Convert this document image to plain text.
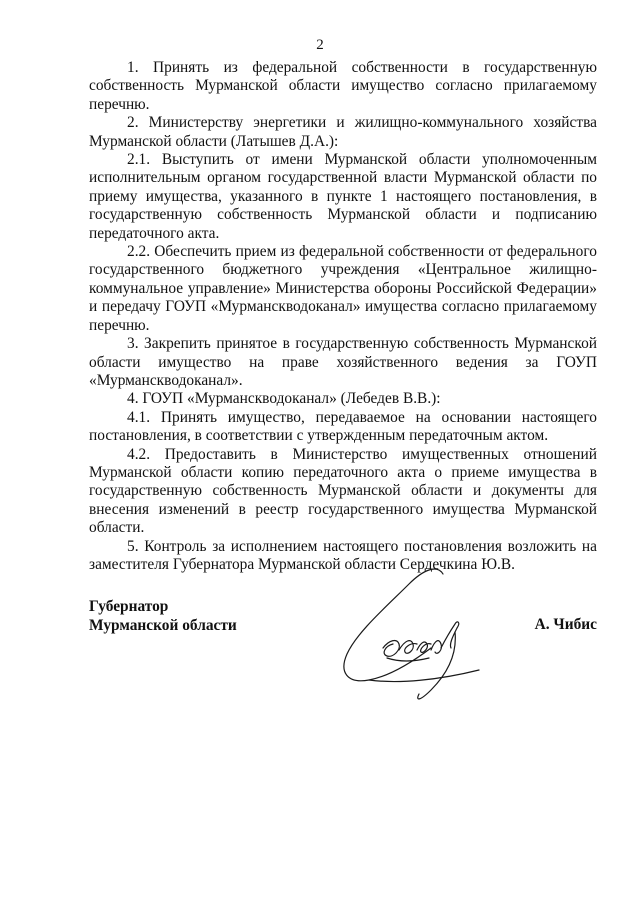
2

1. Принять из федеральной собственности в государственную собственность Мурманской области имущество согласно прилагаемому перечню.

2. Министерству энергетики и жилищно-коммунального хозяйства Мурманской области (Латышев Д.А.):

2.1. Выступить от имени Мурманской области уполномоченным исполнительным органом государственной власти Мурманской области по приему имущества, указанного в пункте 1 настоящего постановления, в государственную собственность Мурманской области и подписанию передаточного акта.

2.2. Обеспечить прием из федеральной собственности от федерального государственного бюджетного учреждения «Центральное жилищно-коммунальное управление» Министерства обороны Российской Федерации» и передачу ГОУП «Мурманскводоканал» имущества согласно прилагаемому перечню.

3. Закрепить принятое в государственную собственность Мурманской области имущество на праве хозяйственного ведения за ГОУП «Мурманскводоканал».

4. ГОУП «Мурманскводоканал» (Лебедев В.В.):

4.1. Принять имущество, передаваемое на основании настоящего постановления, в соответствии с утвержденным передаточным актом.

4.2. Предоставить в Министерство имущественных отношений Мурманской области копию передаточного акта о приеме имущества в государственную собственность Мурманской области и документы для внесения изменений в реестр государственного имущества Мурманской области.

5. Контроль за исполнением настоящего постановления возложить на заместителя Губернатора Мурманской области Сердечкина Ю.В.

Губернатор
Мурманской области	А. Чибис
